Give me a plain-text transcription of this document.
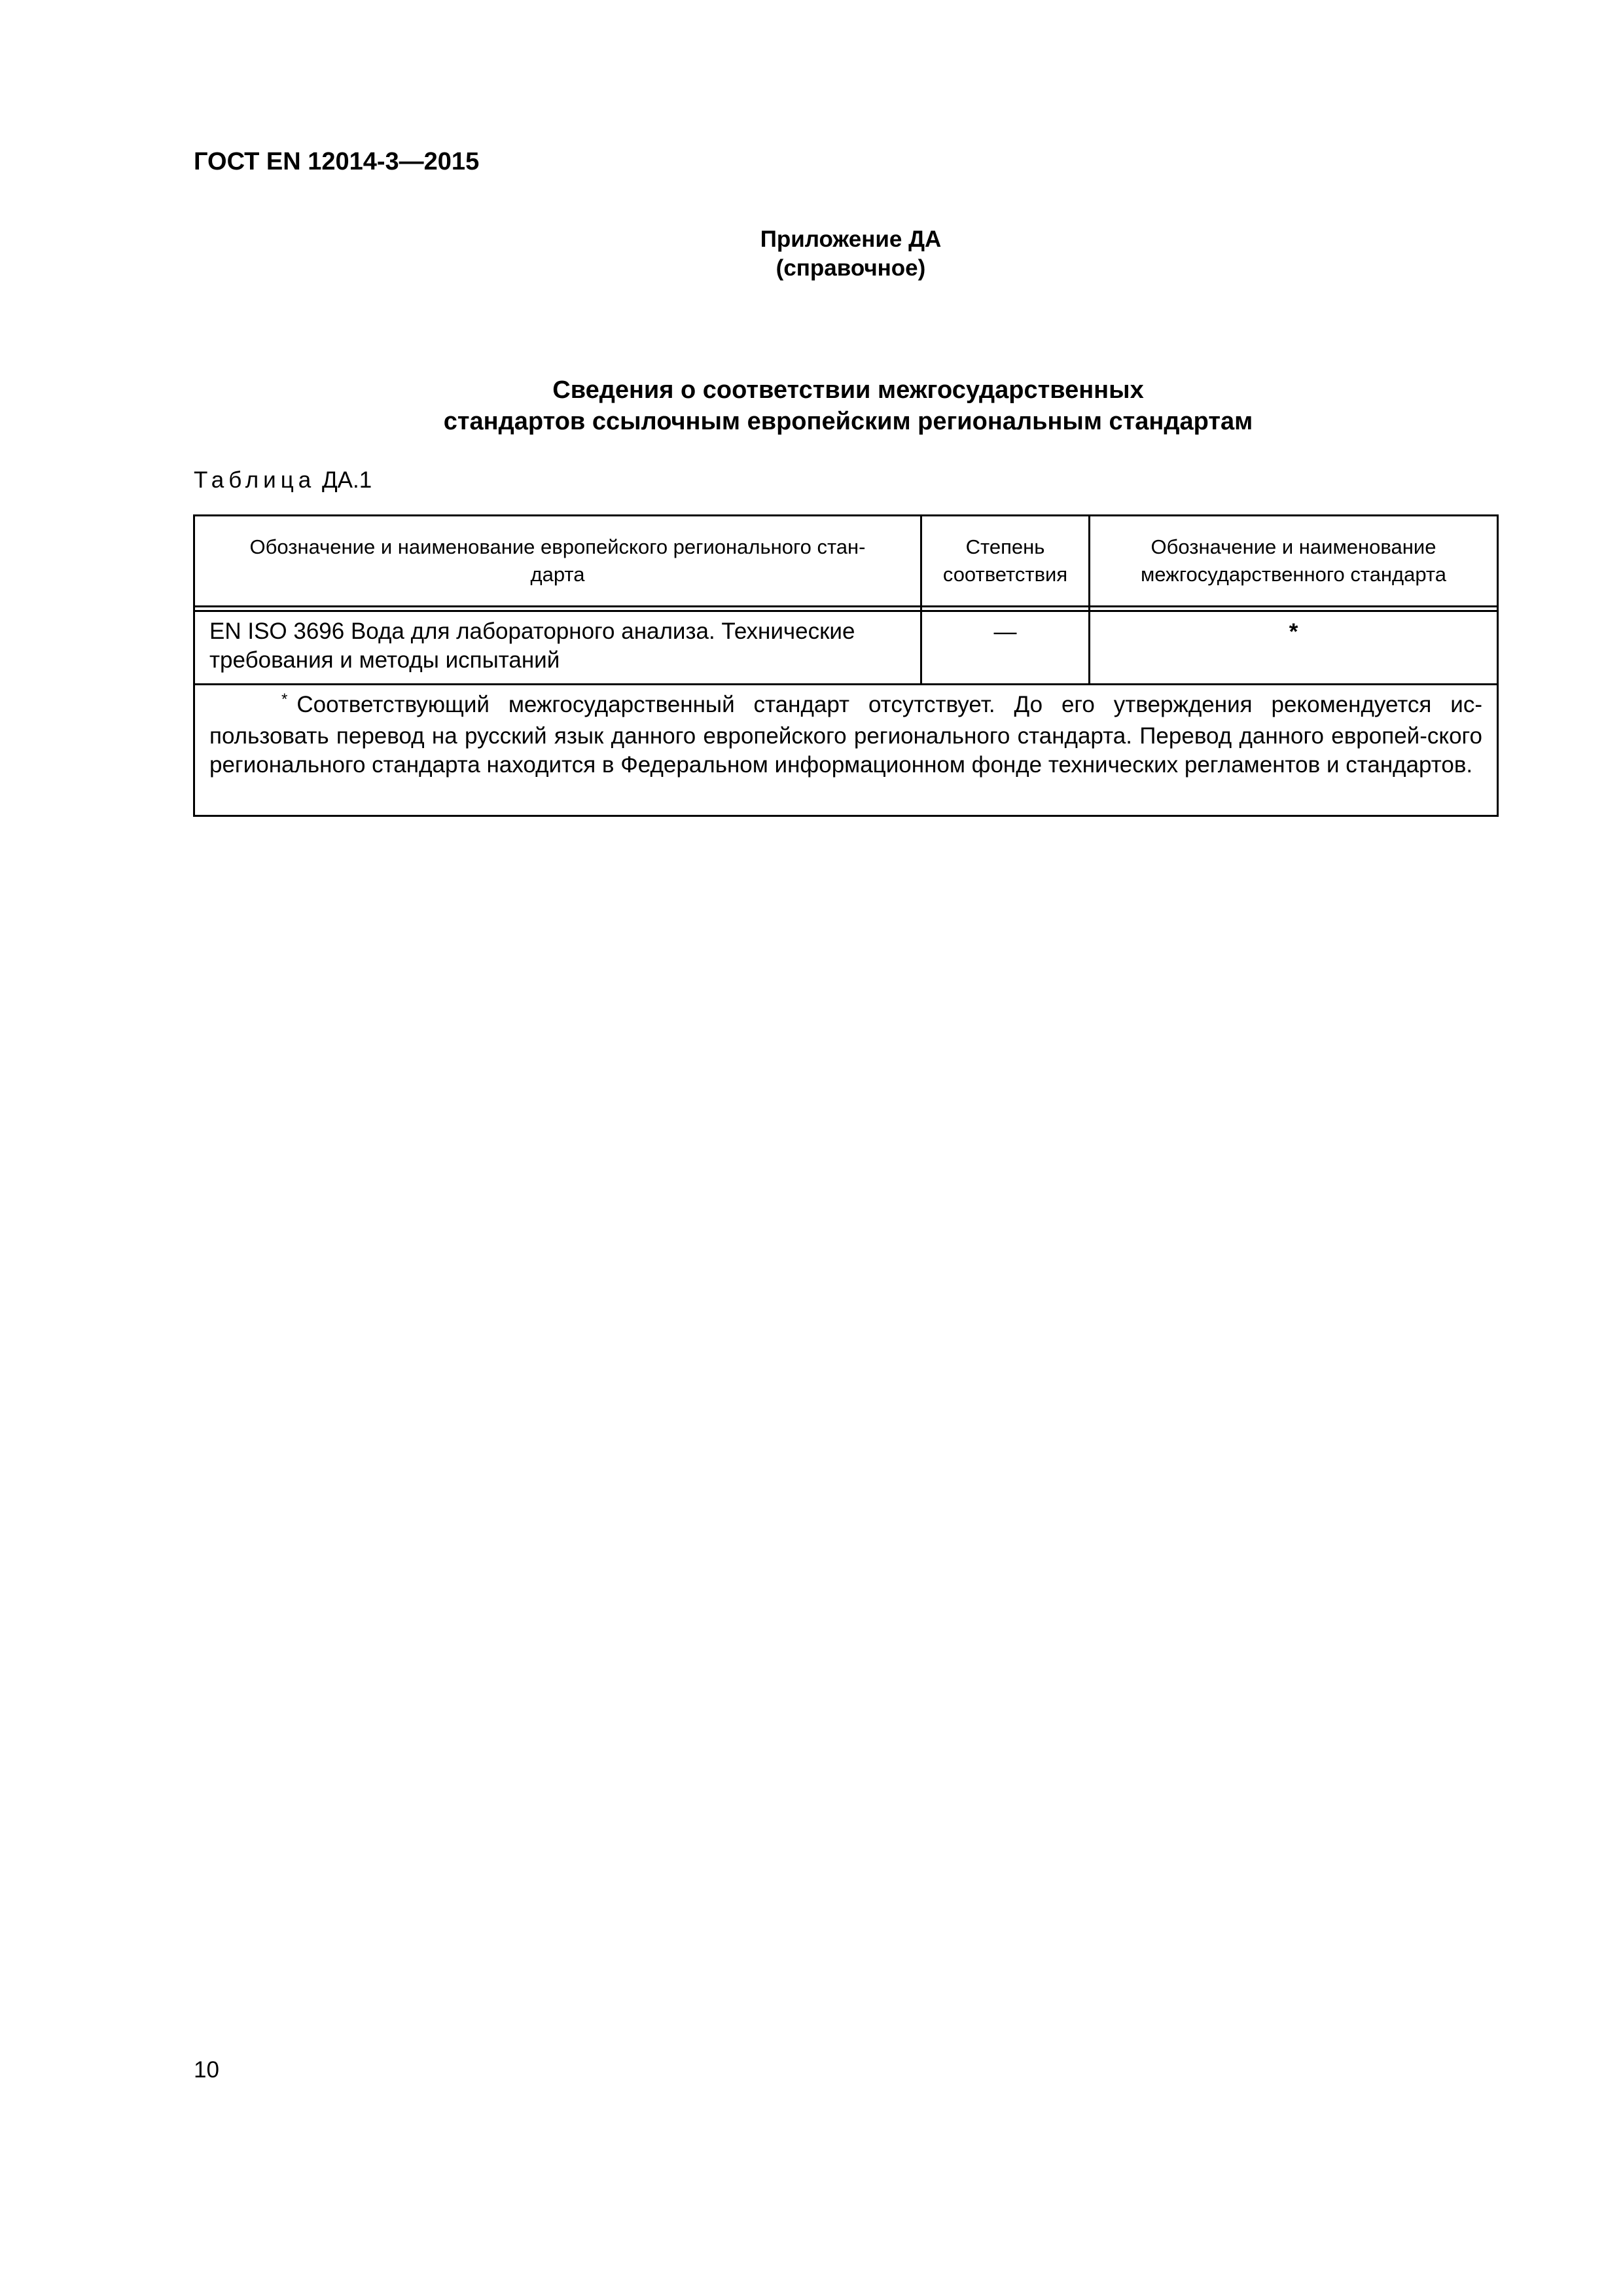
ГОСТ EN 12014-3—2015
Приложение ДА
(справочное)
Сведения о соответствии межгосударственных
стандартов ссылочным европейским региональным стандартам
Таблица ДА.1
Обозначение и наименование европейского регионального стан-
дарта
Степень
соответствия
Обозначение и наименование
межгосударственного стандарта
EN ISO 3696 Вода для лабораторного анализа. Технические
требования и методы испытаний
—	*
* Соответствующий межгосударственный стандарт отсутствует. До его утверждения рекомендуется ис-пользовать перевод на русский язык данного европейского регионального стандарта. Перевод данного европей-ского регионального стандарта находится в Федеральном информационном фонде технических регламентов и стандартов.
10
